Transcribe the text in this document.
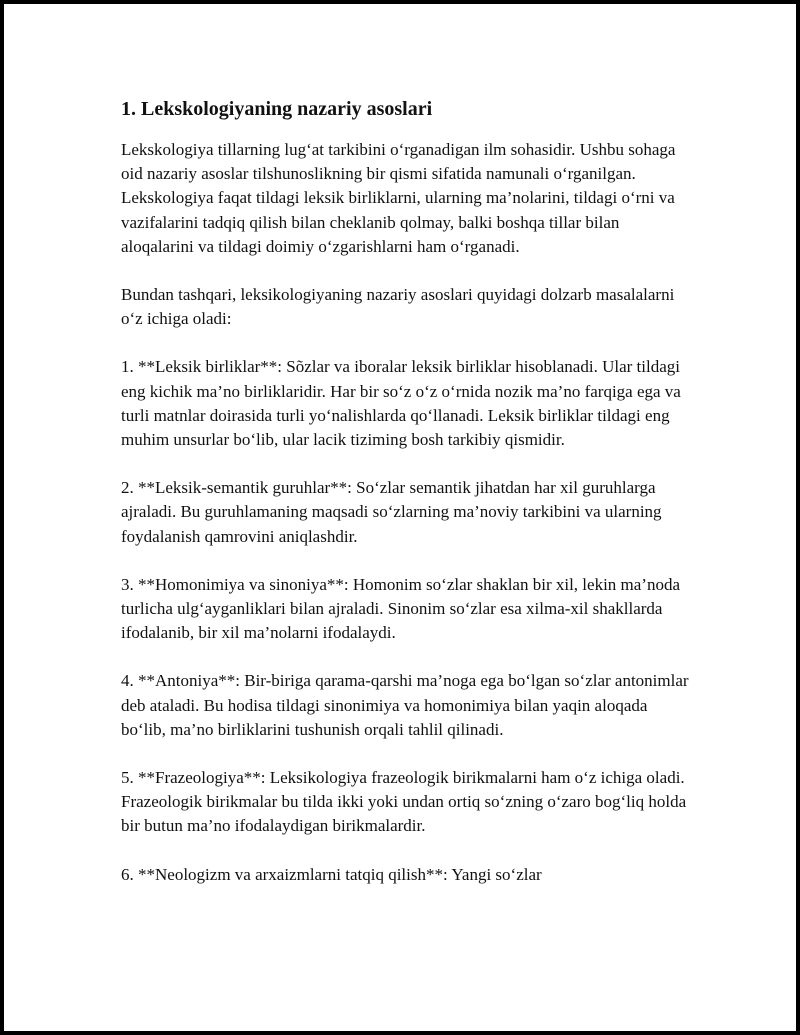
1. Lekskologiyaning nazariy asoslari

Lekskologiya tillarning lug‘at tarkibini o‘rganadigan ilm sohasidir. Ushbu sohaga oid nazariy asoslar tilshunoslikning bir qismi sifatida namunali o‘rganilgan. Lekskologiya faqat tildagi leksik birliklarni, ularning ma’nolarini, tildagi o‘rni va vazifalarini tadqiq qilish bilan cheklanib qolmay, balki boshqa tillar bilan aloqalarini va tildagi doimiy o‘zgarishlarni ham o‘rganadi.

Bundan tashqari, leksikologiyaning nazariy asoslari quyidagi dolzarb masalalarni o‘z ichiga oladi:

1. **Leksik birliklar**: Sõzlar va iboralar leksik birliklar hisoblanadi. Ular tildagi eng kichik ma’no birliklaridir. Har bir so‘z o‘z o‘rnida nozik ma’no farqiga ega va turli matnlar doirasida turli yo‘nalishlarda qo‘llanadi. Leksik birliklar tildagi eng muhim unsurlar bo‘lib, ular lacik tiziming bosh tarkibiy qismidir.

2. **Leksik-semantik guruhlar**: So‘zlar semantik jihatdan har xil guruhlarga ajraladi. Bu guruhlamaning maqsadi so‘zlarning ma’noviy tarkibini va ularning foydalanish qamrovini aniqlashdir.

3. **Homonimiya va sinoniya**: Homonim so‘zlar shaklan bir xil, lekin ma’noda turlicha ulg‘ayganliklari bilan ajraladi. Sinonim so‘zlar esa xilma-xil shakllarda ifodalanib, bir xil ma’nolarni ifodalaydi.

4. **Antoniya**: Bir-biriga qarama-qarshi ma’noga ega bo‘lgan so‘zlar antonimlar deb ataladi. Bu hodisa tildagi sinonimiya va homonimiya bilan yaqin aloqada bo‘lib, ma’no birliklarini tushunish orqali tahlil qilinadi.

5. **Frazeologiya**: Leksikologiya frazeologik birikmalarni ham o‘z ichiga oladi. Frazeologik birikmalar bu tilda ikki yoki undan ortiq so‘zning o‘zaro bog‘liq holda bir butun ma’no ifodalaydigan birikmalardir.

6. **Neologizm va arxaizmlarni tatqiq qilish**: Yangi so‘zlar
